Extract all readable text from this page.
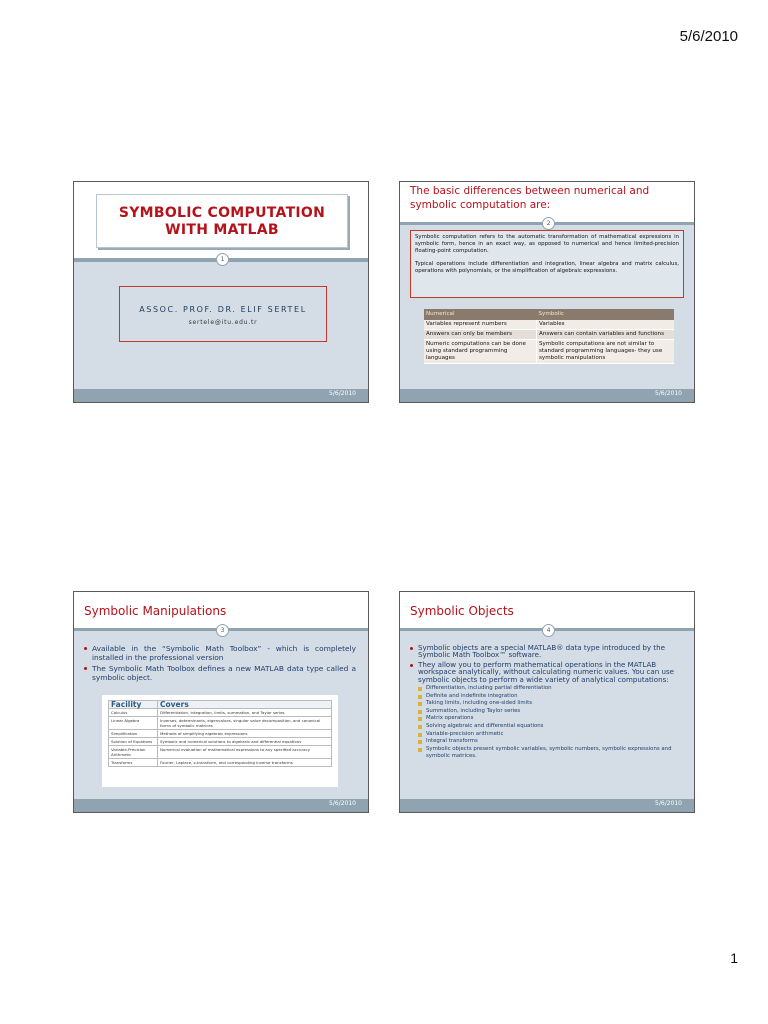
5/6/2010
SYMBOLIC COMPUTATION
WITH MATLAB
1
ASSOC. PROF. DR. ELIF SERTEL
sertele@itu.edu.tr
5/6/2010
The basic differences between numerical and symbolic computation are:
2

Symbolic computation refers to the automatic transformation of mathematical expressions in symbolic form, hence in an exact way, as opposed to numerical and hence limited-precision floating-point computation.

Typical operations include differentiation and integration, linear algebra and matrix calculus, operations with polynomials, or the simplification of algebraic expressions.

Numerical	Symbolic
Variables represent numbers	Variables
Answers can only be members	Answers can contain variables and functions
Numeric computations can be done using standard programming languages	Symbolic computations are not similar to standard programming languages- they use symbolic manipulations
5/6/2010
Symbolic Manipulations
3
Available in the “Symbolic Math Toolbox” - which is completely installed in the professional version
The Symbolic Math Toolbox defines a new MATLAB data type called a symbolic object.
Facility	Covers
Calculus	Differentiation, integration, limits, summation, and Taylor series
Linear Algebra	Inverses, determinants, eigenvalues, singular value decomposition, and canonical forms of symbolic matrices
Simplification	Methods of simplifying algebraic expressions
Solution of Equations	Symbolic and numerical solutions to algebraic and differential equations
Variable-Precision Arithmetic	Numerical evaluation of mathematical expressions to any specified accuracy
Transforms	Fourier, Laplace, z-transform, and corresponding inverse transforms
5/6/2010
Symbolic Objects
4
Symbolic objects are a special MATLAB® data type introduced by the Symbolic Math Toolbox™ software.
They allow you to perform mathematical operations in the MATLAB workspace analytically, without calculating numeric values. You can use symbolic objects to perform a wide variety of analytical computations:
Differentiation, including partial differentiation
Definite and indefinite integration
Taking limits, including one-sided limits
Summation, including Taylor series
Matrix operations
Solving algebraic and differential equations
Variable-precision arithmetic
Integral transforms
Symbolic objects present symbolic variables, symbolic numbers, symbolic expressions and symbolic matrices.
5/6/2010
1
